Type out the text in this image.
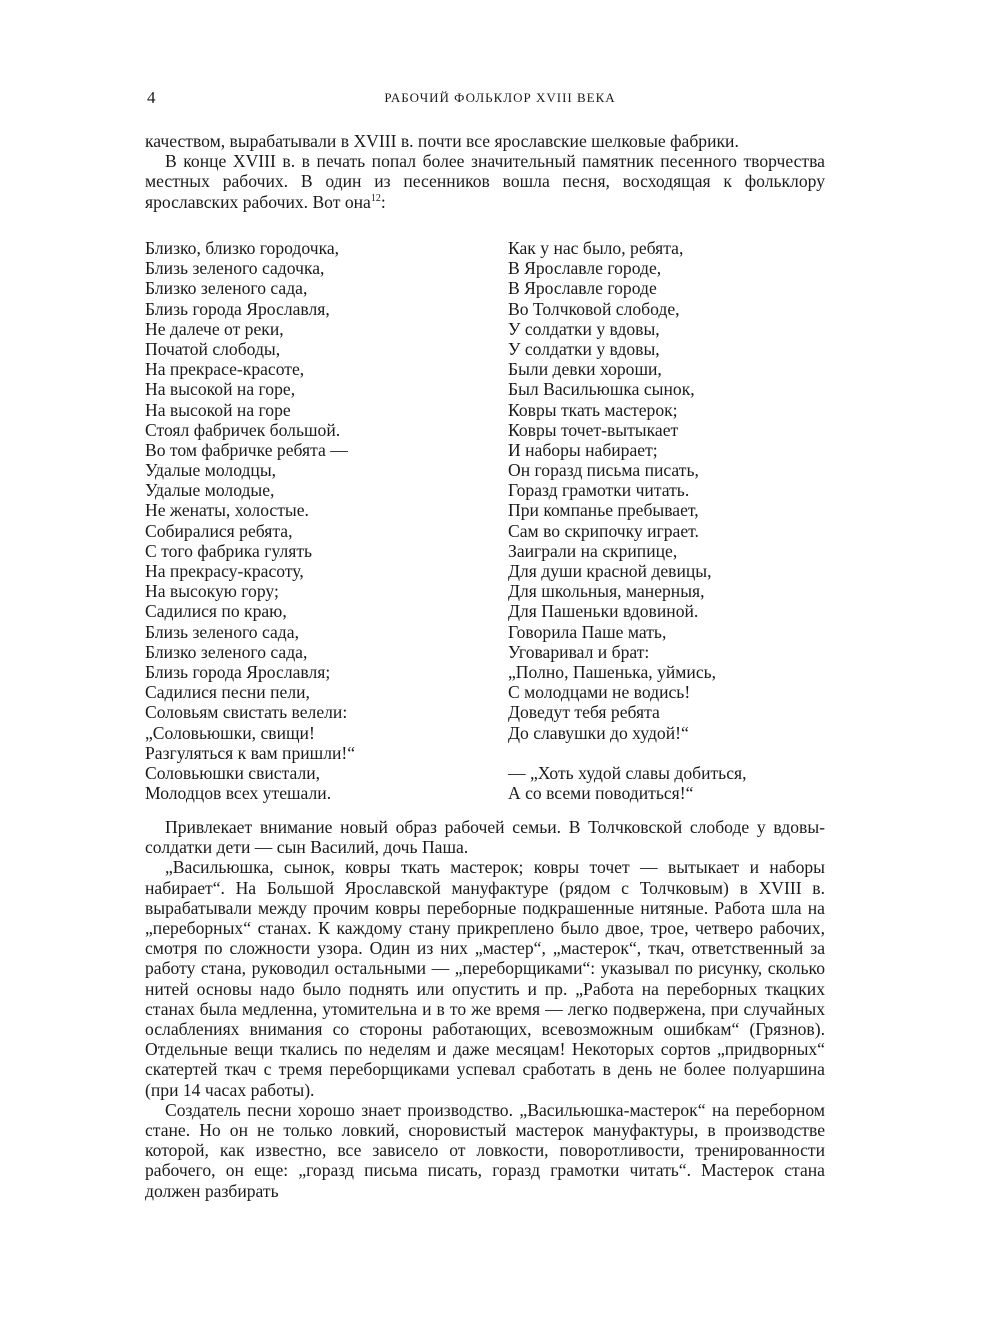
4	РАБОЧИЙ ФОЛЬКЛОР XVIII ВЕКА

качеством, вырабатывали в XVIII в. почти все ярославские шелковые фабрики.

В конце XVIII в. в печать попал более значительный памятник песенного творчества местных рабочих. В один из песенников вошла песня, восходящая к фольклору ярославских рабочих. Вот она$^{12}$:

Близко, близко городочка,
Близь зеленого садочка,
Близко зеленого сада,
Близь города Ярославля,
Не далече от реки,
Початой слободы,
На прекрасе-красоте,
На высокой на горе,
На высокой на горе
Стоял фабричек большой.
Во том фабричке ребята —
Удалые молодцы,
Удалые молодые,
Не женаты, холостые.
Собиралися ребята,
С того фабрика гулять
На прекрасу-красоту,
На высокую гору;
Садилися по краю,
Близь зеленого сада,
Близко зеленого сада,
Близь города Ярославля;
Садилися песни пели,
Соловьям свистать велели:
„Соловьюшки, свищи!
Разгуляться к вам пришли!“
Соловьюшки свистали,
Молодцов всех утешали.
Как у нас было, ребята,
В Ярославле городе,
В Ярославле городе
Во Толчковой слободе,
У солдатки у вдовы,
У солдатки у вдовы,
Были девки хороши,
Был Васильюшка сынок,
Ковры ткать мастерок;
Ковры точет-вытыкает
И наборы набирает;
Он горазд письма писать,
Горазд грамотки читать.
При компанье пребывает,
Сам во скрипочку играет.
Заиграли на скрипице,
Для души красной девицы,
Для школьныя, манерныя,
Для Пашеньки вдовиной.
Говорила Паше мать,
Уговаривал и брат:
„Полно, Пашенька, уймись,
С молодцами не водись!
Доведут тебя ребята
До славушки до худой!“
— „Хоть худой славы добиться,
А со всеми поводиться!“

Привлекает внимание новый образ рабочей семьи. В Толчковской слободе у вдовы-солдатки дети — сын Василий, дочь Паша.

„Васильюшка, сынок, ковры ткать мастерок; ковры точет — вытыкает и наборы набирает“. На Большой Ярославской мануфактуре (рядом с Толчковым) в XVIII в. вырабатывали между прочим ковры переборные подкрашенные нитяные. Работа шла на „переборных“ станах. К каждому стану прикреплено было двое, трое, четверо рабочих, смотря по сложности узора. Один из них „мастер“, „мастерок“, ткач, ответственный за работу стана, руководил остальными — „переборщиками“: указывал по рисунку, сколько нитей основы надо было поднять или опустить и пр. „Работа на переборных ткацких станах была медленна, утомительна и в то же время — легко подвержена, при случайных ослаблениях внимания со стороны работающих, всевозможным ошибкам“ (Грязнов). Отдельные вещи ткались по неделям и даже месяцам! Некоторых сортов „придворных“ скатертей ткач с тремя переборщиками успевал сработать в день не более полуаршина (при 14 часах работы).

Создатель песни хорошо знает производство. „Васильюшка-мастерок“ на переборном стане. Но он не только ловкий, сноровистый мастерок мануфактуры, в производстве которой, как известно, все зависело от ловкости, поворотливости, тренированности рабочего, он еще: „горазд письма писать, горазд грамотки читать“. Мастерок стана должен разбирать
